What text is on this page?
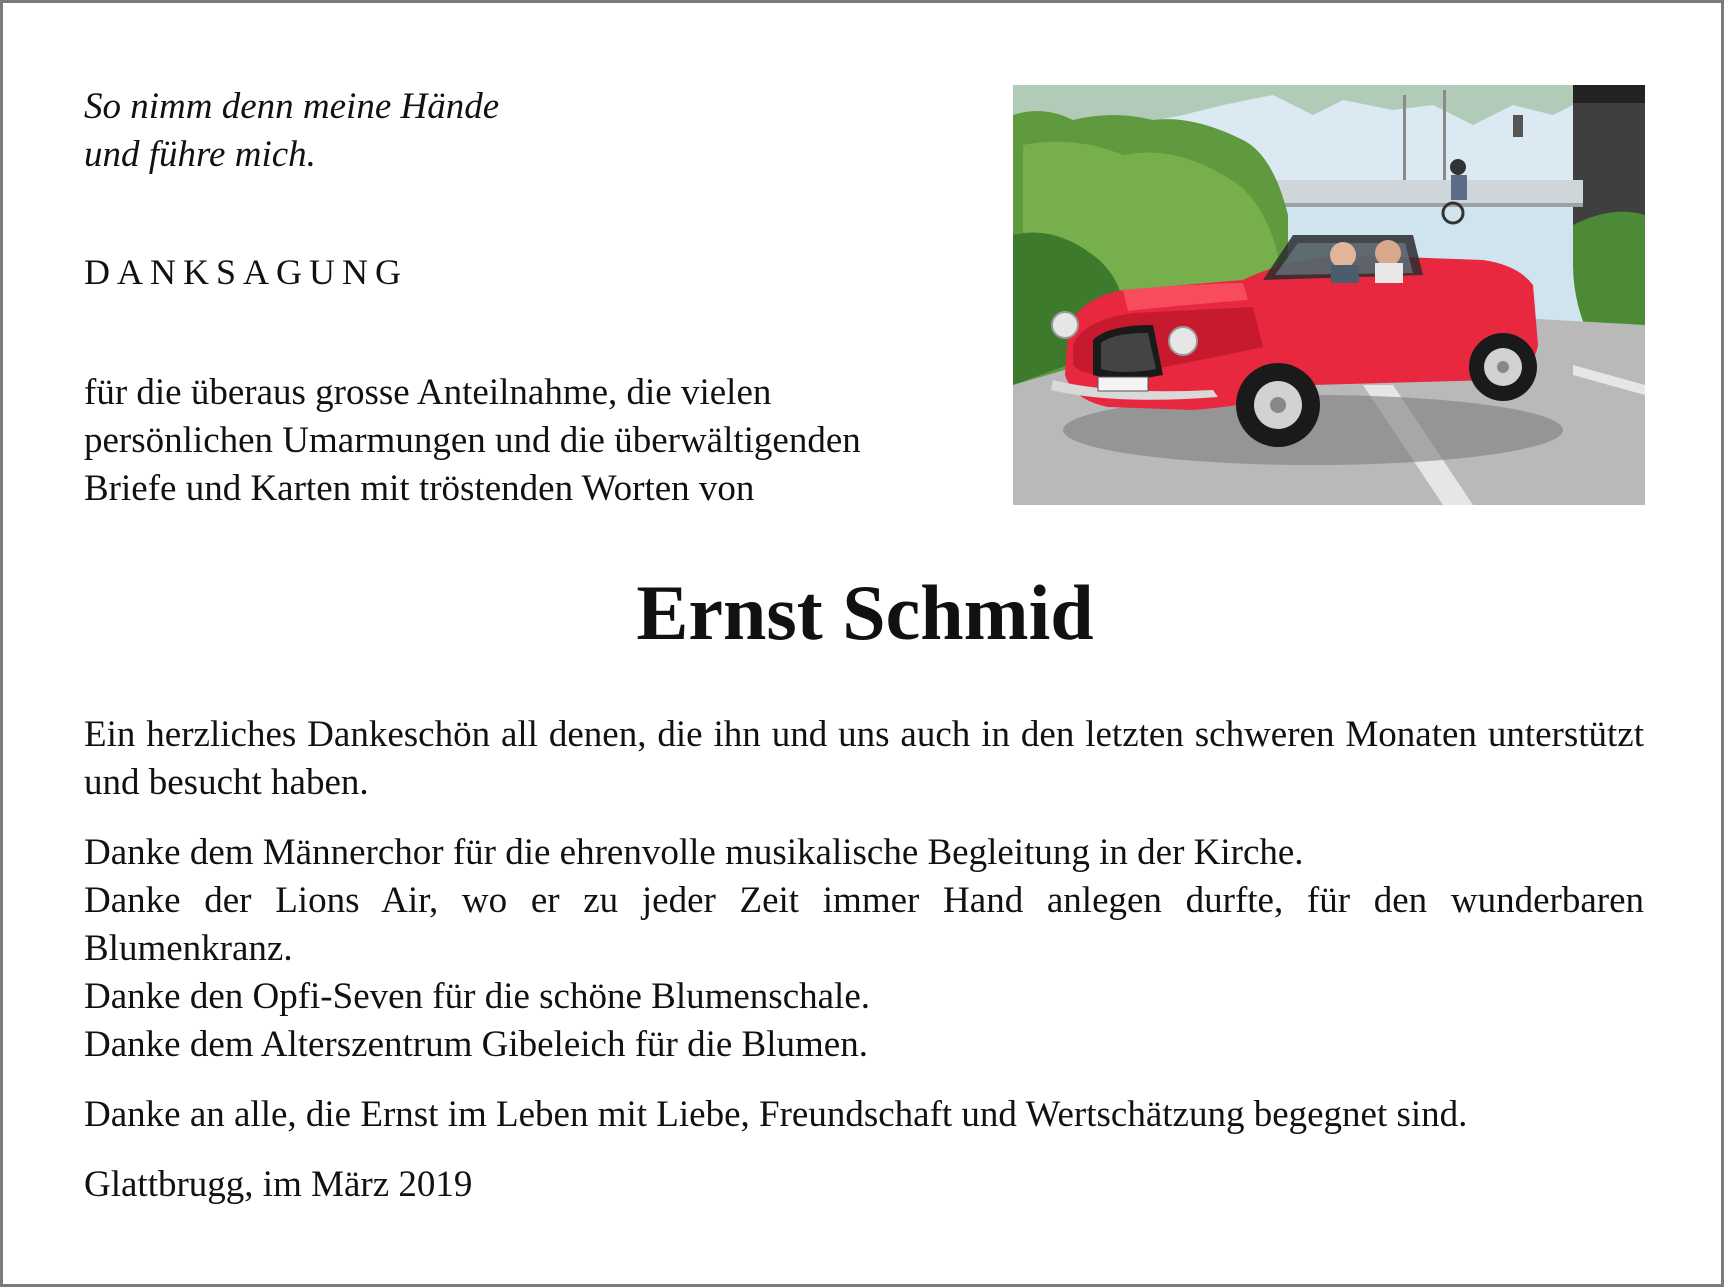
So nimm denn meine Hände
und führe mich.
DANKSAGUNG
für die überaus grosse Anteilnahme, die vielen
persönlichen Umarmungen und die überwältigenden
Briefe und Karten mit tröstenden Worten von
Ernst Schmid

Ein herzliches Dankeschön all denen, die ihn und uns auch in den letzten schweren Monaten unterstützt und besucht haben.

Danke dem Männerchor für die ehrenvolle musikalische Begleitung in der Kirche.
Danke der Lions Air, wo er zu jeder Zeit immer Hand anlegen durfte, für den wunderbaren Blumenkranz.
Danke den Opfi-Seven für die schöne Blumenschale.
Danke dem Alterszentrum Gibeleich für die Blumen.

Danke an alle, die Ernst im Leben mit Liebe, Freundschaft und Wertschätzung begegnet sind.

Glattbrugg, im März 2019
